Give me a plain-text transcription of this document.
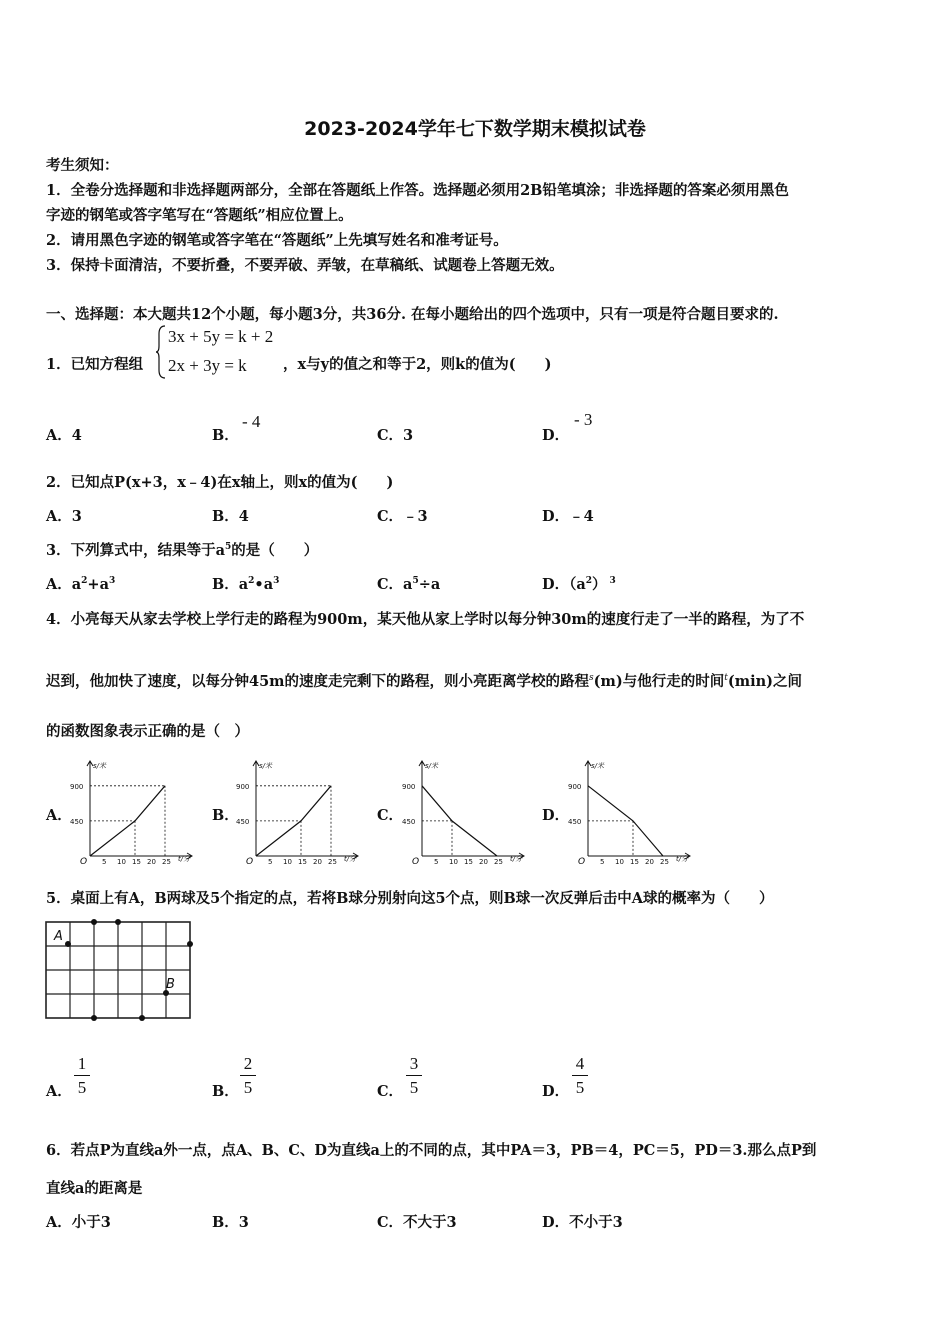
2023-2024学年七下数学期末模拟试卷
考生须知：
1．全卷分选择题和非选择题两部分，全部在答题纸上作答。选择题必须用2B铅笔填涂；非选择题的答案必须用黑色
字迹的钢笔或答字笔写在“答题纸”相应位置上。
2．请用黑色字迹的钢笔或答字笔在“答题纸”上先填写姓名和准考证号。
3．保持卡面清洁，不要折叠，不要弄破、弄皱，在草稿纸、试题卷上答题无效。
一、选择题：本大题共12个小题，每小题3分，共36分. 在每小题给出的四个选项中，只有一项是符合题目要求的.
1．已知方程组
3x + 5y = k + 2
2x + 3y = k	，x与y的值之和等于2，则k的值为(　　)
A．4	B．
- 4
C．3	D．
- 3
2．已知点P(x+3，x﹣4)在x轴上，则x的值为(　　)
A．3	B．4	C．﹣3	D．﹣4
3．下列算式中，结果等于$a^5$的是（　　）
A．$a^2+a^3$	B．$a^2•a^3$	C．$a^5\div a$	D．$(a^2)$ $^3$
4．小亮每天从家去学校上学行走的路程为900m，某天他从家上学时以每分钟30m的速度行走了一半的路程，为了不
迟到，他加快了速度，以每分钟45m的速度走完剩下的路程，则小亮距离学校的路程$^s$(m)与他行走的时间$^t$(min)之间
的函数图象表示正确的是（　）
A．	B．	C．	D．
s/米
t/分
O 5 10 15 20 25
900
450
s/米
t/分
O 5 10 15 20 25
900
450
s/米
t/分
O 5 10 15 20 25
900
450
s/米
t/分
O 5 10 15 20 25
900
450
5．桌面上有A，B两球及5个指定的点，若将B球分别射向这5个点，则B球一次反弹后击中A球的概率为（　　）
A
B
A． $\frac{1}{5}$	B． $\frac{2}{5}$	C． $\frac{3}{5}$	D． $\frac{4}{5}$
6．若点P为直线a外一点，点A、B、C、D为直线a上的不同的点，其中PA＝3，PB＝4，PC＝5，PD＝3.那么点P到
直线a的距离是
A．小于3	B．3	C．不大于3	D．不小于3
